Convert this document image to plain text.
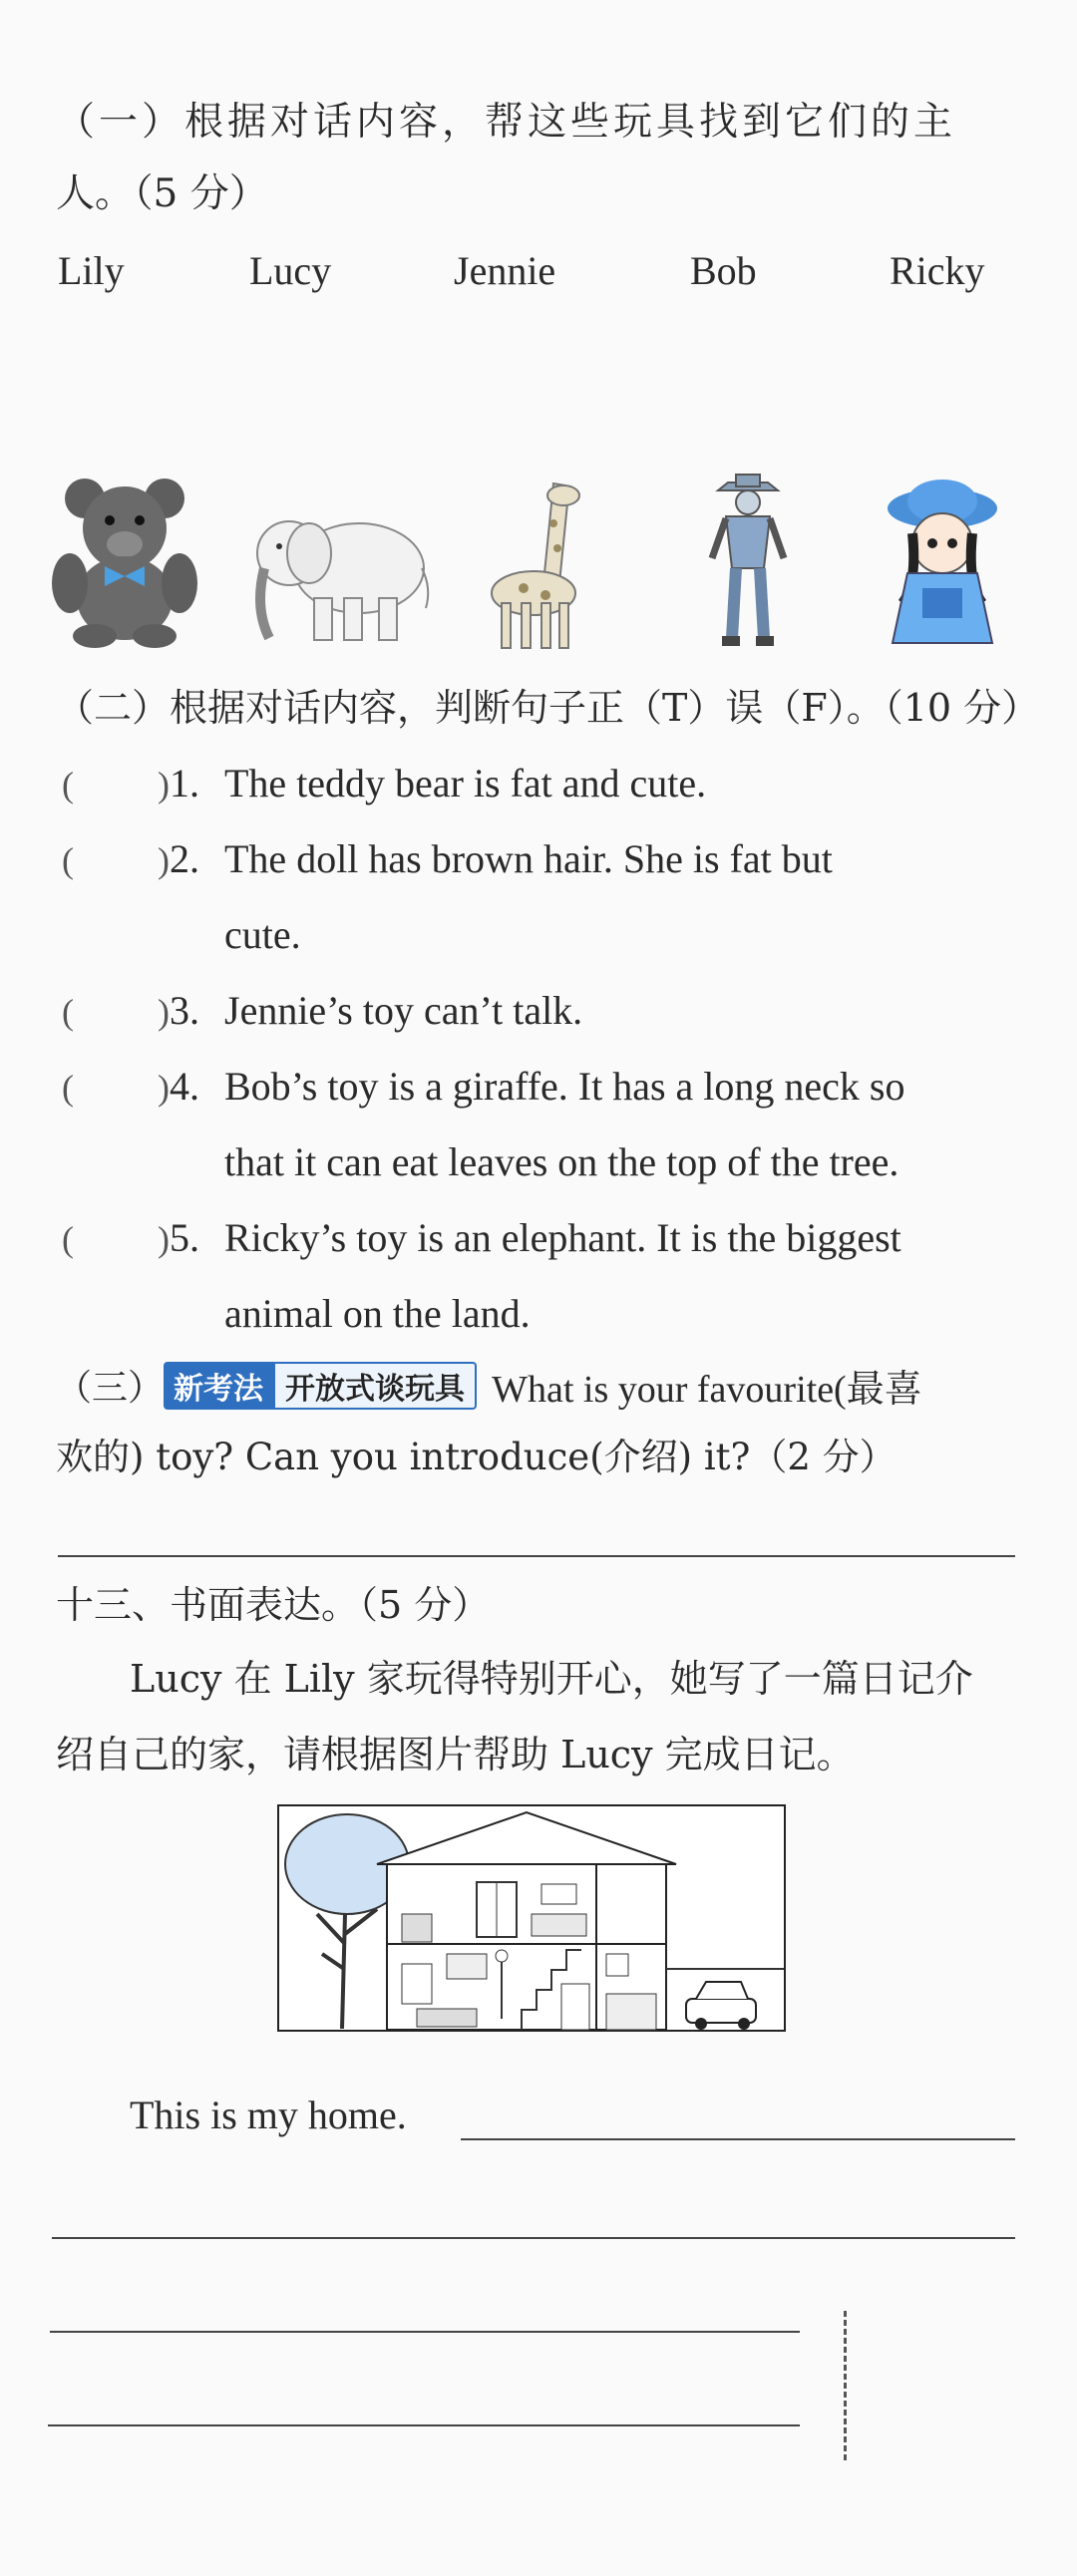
（一）根据对话内容，帮这些玩具找到它们的主
人。（5 分）
Lily	Lucy	Jennie	Bob	Ricky
（二）根据对话内容，判断句子正（T）误（F）。（10 分）
( ) 1. The teddy bear is fat and cute.
( ) 2. The doll has brown hair. She is fat but
cute.
( ) 3. Jennie’s toy can’t talk.
( ) 4. Bob’s toy is a giraffe. It has a long neck so
that it can eat leaves on the top of the tree.
( ) 5. Ricky’s toy is an elephant. It is the biggest
animal on the land.
（三） 新考法 开放式谈玩具 What is your favourite(最喜
欢的) toy? Can you introduce(介绍) it?（2 分）
十三、书面表达。（5 分）
Lucy 在 Lily 家玩得特别开心，她写了一篇日记介
绍自己的家，请根据图片帮助 Lucy 完成日记。
This is my home.
